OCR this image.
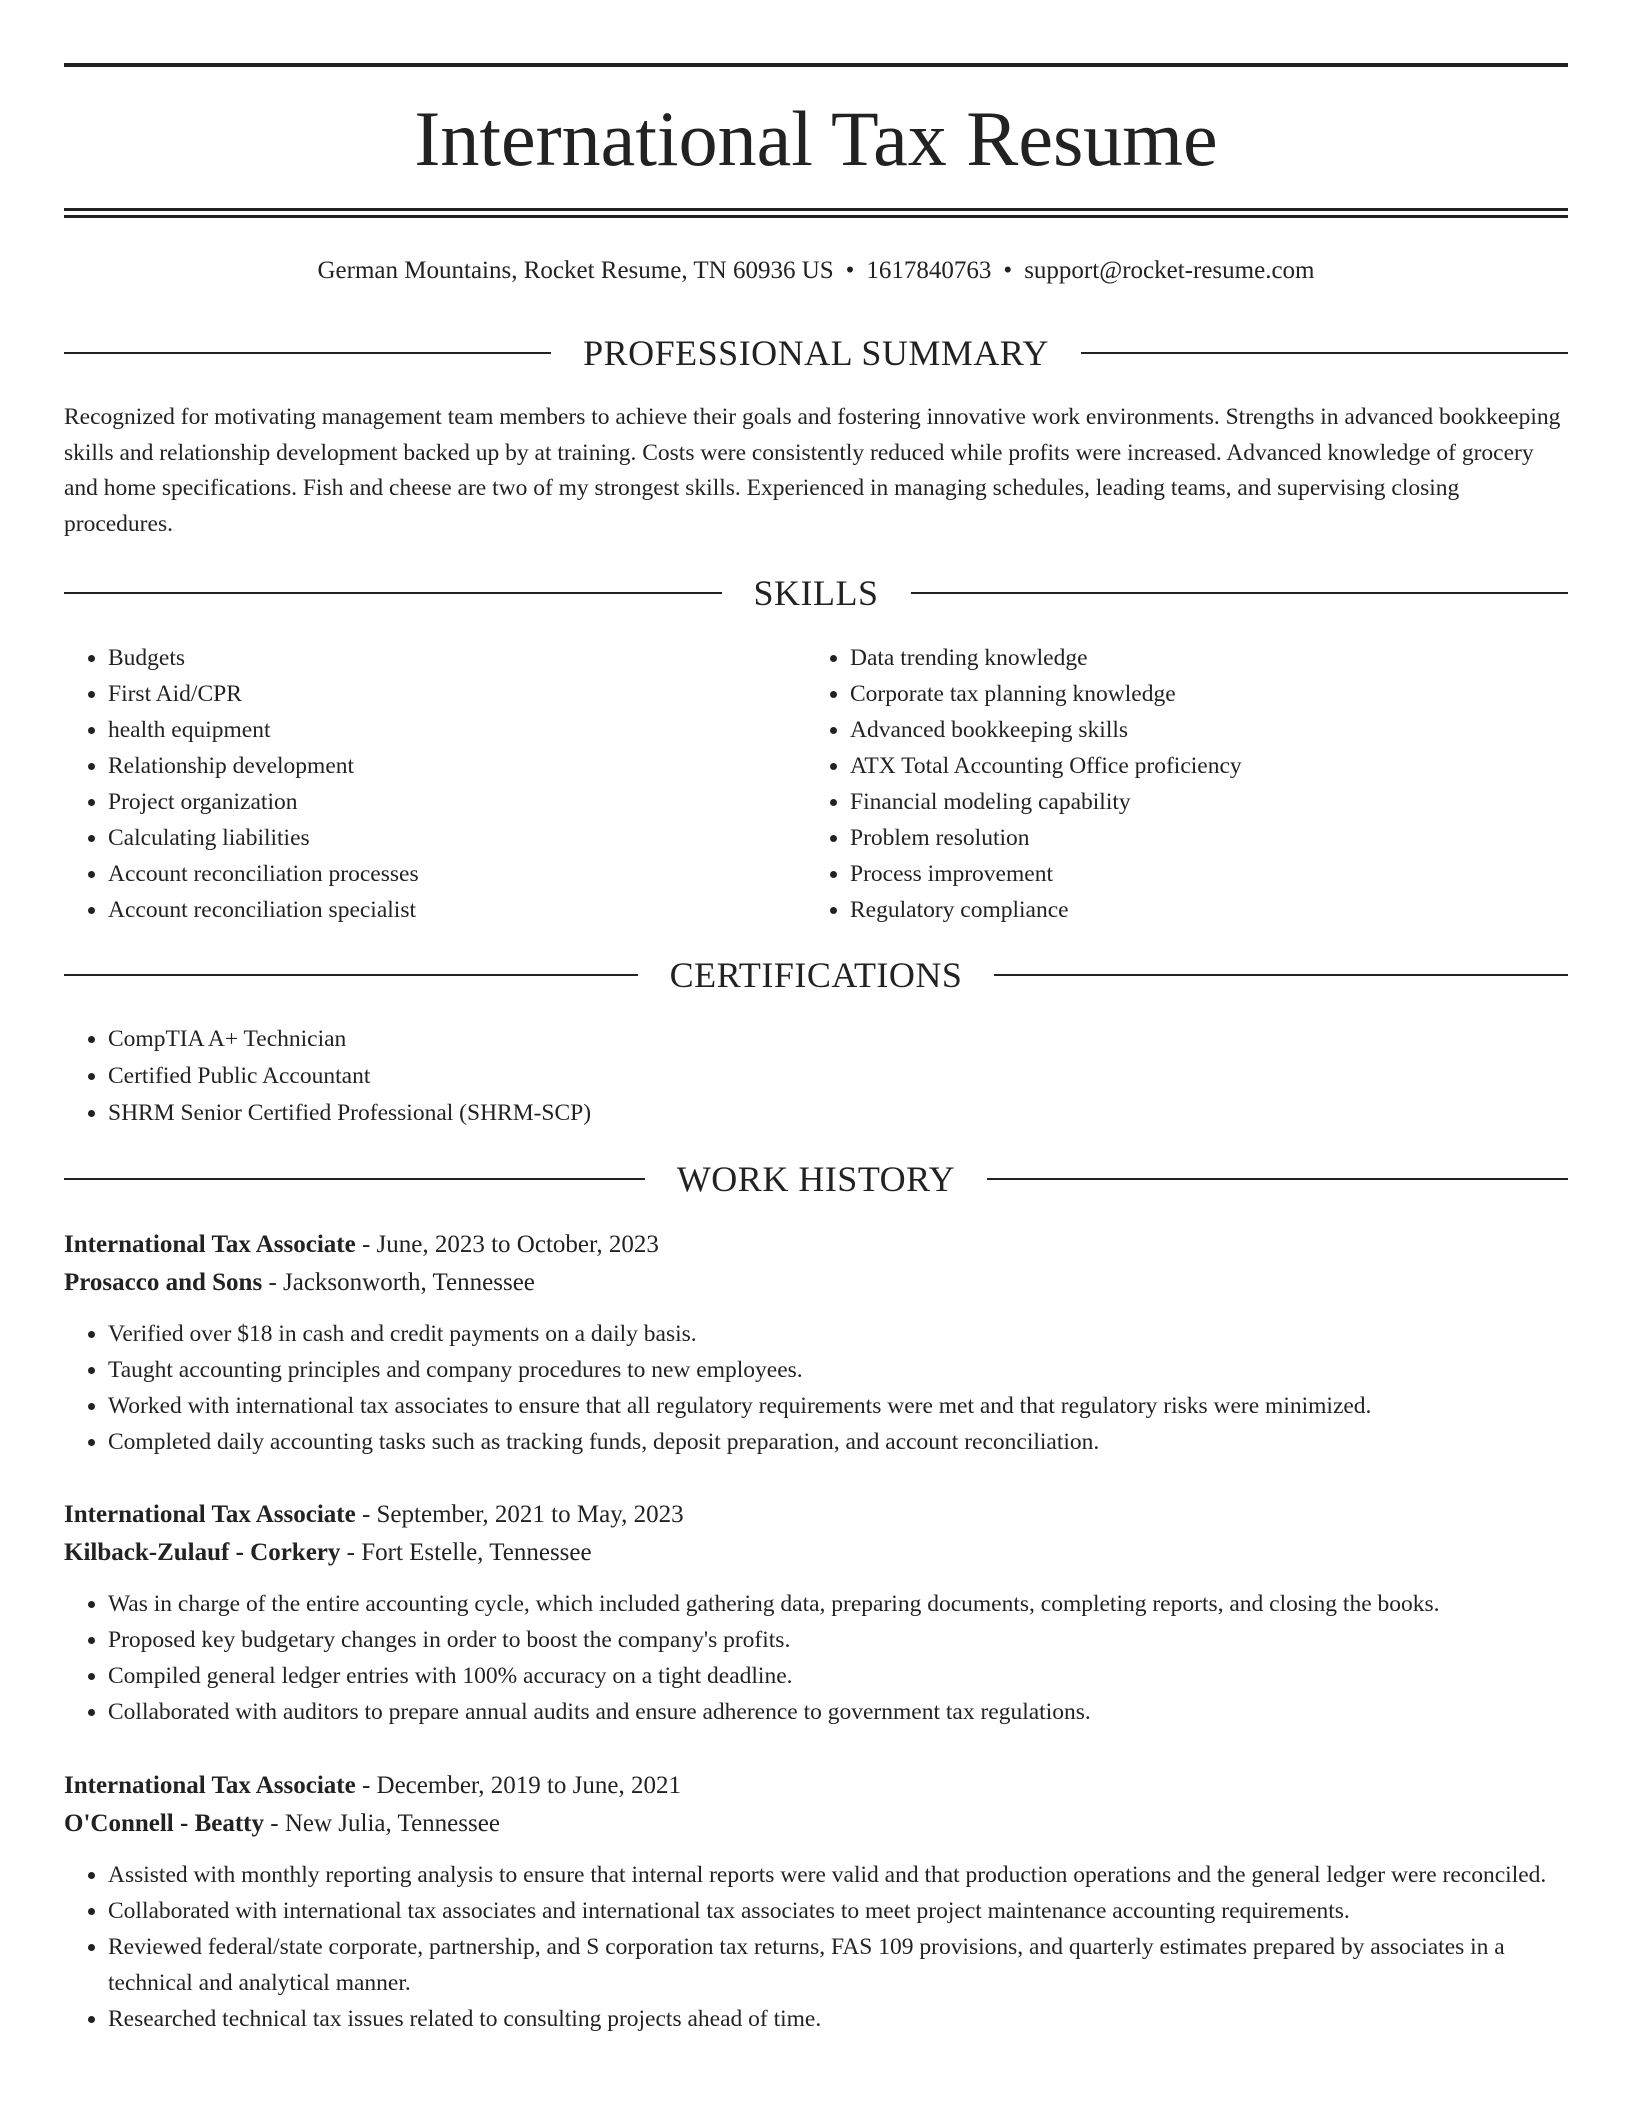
International Tax Resume
German Mountains, Rocket Resume, TN 60936 US • 1617840763 • support@rocket-resume.com
PROFESSIONAL SUMMARY

Recognized for motivating management team members to achieve their goals and fostering innovative work environments. Strengths in advanced bookkeeping skills and relationship development backed up by at training. Costs were consistently reduced while profits were increased. Advanced knowledge of grocery and home specifications. Fish and cheese are two of my strongest skills. Experienced in managing schedules, leading teams, and supervising closing procedures.

SKILLS
• Budgets
• First Aid/CPR
• health equipment
• Relationship development
• Project organization
• Calculating liabilities
• Account reconciliation processes
• Account reconciliation specialist
• Data trending knowledge
• Corporate tax planning knowledge
• Advanced bookkeeping skills
• ATX Total Accounting Office proficiency
• Financial modeling capability
• Problem resolution
• Process improvement
• Regulatory compliance
CERTIFICATIONS
• CompTIA A+ Technician
• Certified Public Accountant
• SHRM Senior Certified Professional (SHRM-SCP)
WORK HISTORY
International Tax Associate - June, 2023 to October, 2023
Prosacco and Sons - Jacksonworth, Tennessee
• Verified over $18 in cash and credit payments on a daily basis.
• Taught accounting principles and company procedures to new employees.
• Worked with international tax associates to ensure that all regulatory requirements were met and that regulatory risks were minimized.
• Completed daily accounting tasks such as tracking funds, deposit preparation, and account reconciliation.
International Tax Associate - September, 2021 to May, 2023
Kilback-Zulauf - Corkery - Fort Estelle, Tennessee
• Was in charge of the entire accounting cycle, which included gathering data, preparing documents, completing reports, and closing the books.
• Proposed key budgetary changes in order to boost the company's profits.
• Compiled general ledger entries with 100% accuracy on a tight deadline.
• Collaborated with auditors to prepare annual audits and ensure adherence to government tax regulations.
International Tax Associate - December, 2019 to June, 2021
O'Connell - Beatty - New Julia, Tennessee
• Assisted with monthly reporting analysis to ensure that internal reports were valid and that production operations and the general ledger were reconciled.
• Collaborated with international tax associates and international tax associates to meet project maintenance accounting requirements.
• Reviewed federal/state corporate, partnership, and S corporation tax returns, FAS 109 provisions, and quarterly estimates prepared by associates in a technical and analytical manner.
• Researched technical tax issues related to consulting projects ahead of time.
